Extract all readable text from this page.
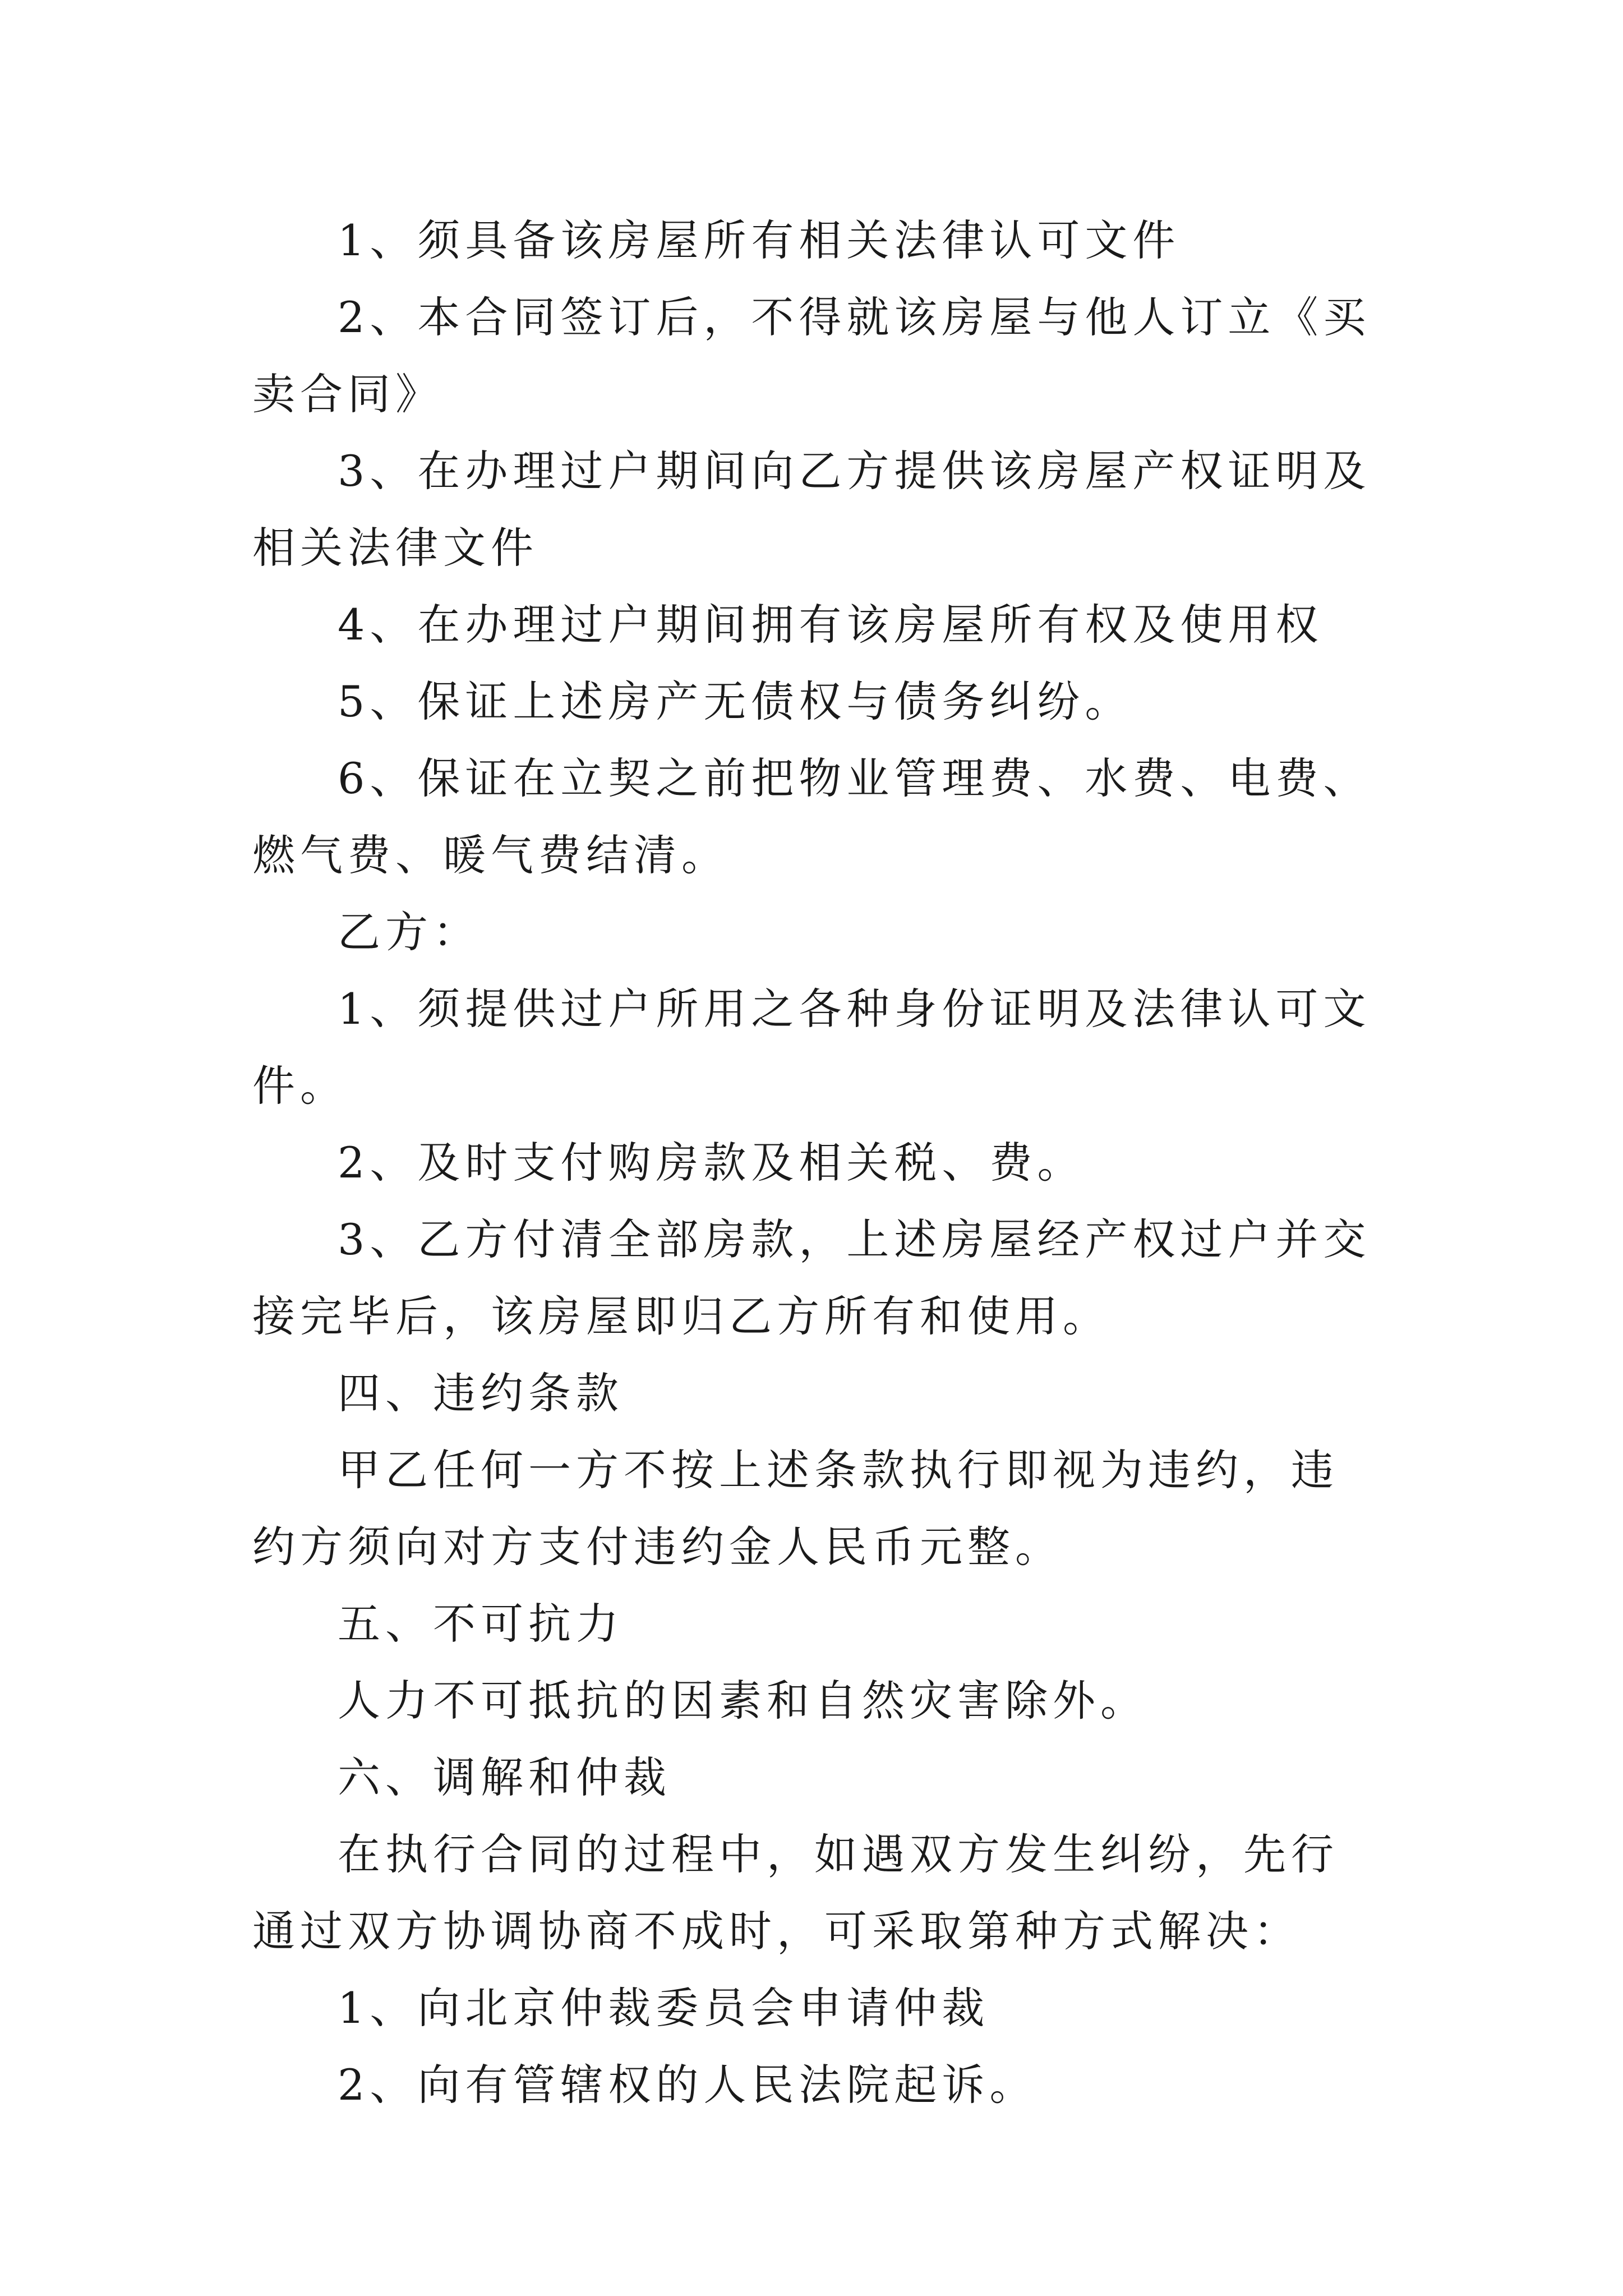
1、须具备该房屋所有相关法律认可文件

2、本合同签订后，不得就该房屋与他人订立《买卖合同》

3、在办理过户期间向乙方提供该房屋产权证明及相关法律文件

4、在办理过户期间拥有该房屋所有权及使用权

5、保证上述房产无债权与债务纠纷。

6、保证在立契之前把物业管理费、水费、电费、燃气费、暖气费结清。

乙方：

1、须提供过户所用之各种身份证明及法律认可文件。

2、及时支付购房款及相关税、费。

3、乙方付清全部房款，上述房屋经产权过户并交接完毕后，该房屋即归乙方所有和使用。

四、违约条款

甲乙任何一方不按上述条款执行即视为违约，违约方须向对方支付违约金人民币元整。

五、不可抗力

人力不可抵抗的因素和自然灾害除外。

六、调解和仲裁

在执行合同的过程中，如遇双方发生纠纷，先行通过双方协调协商不成时，可采取第种方式解决：

1、向北京仲裁委员会申请仲裁

2、向有管辖权的人民法院起诉。
